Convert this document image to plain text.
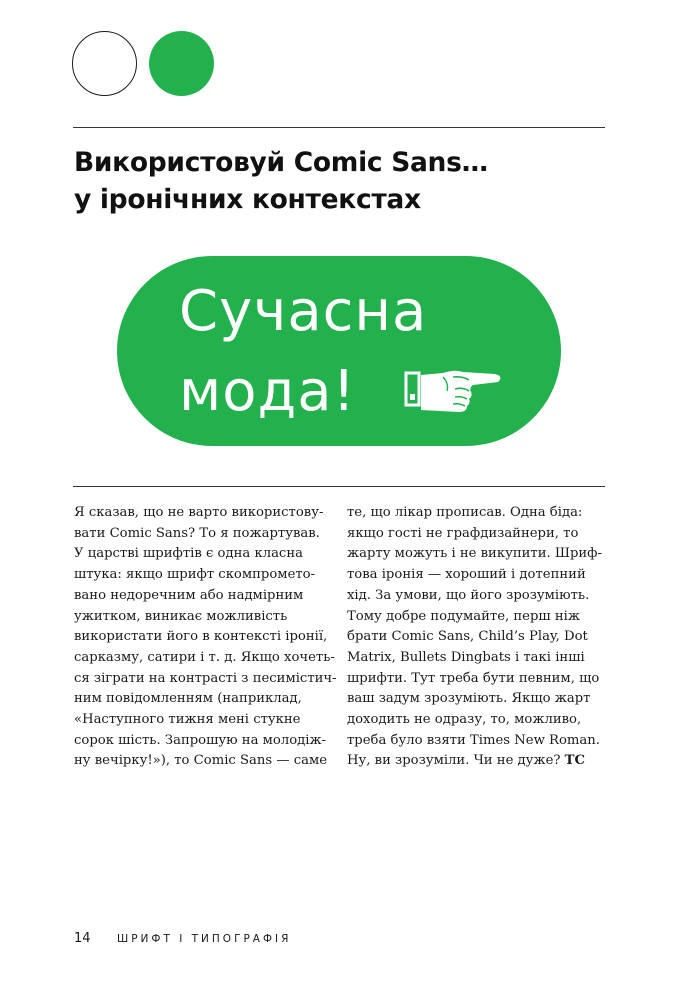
Використовуй Comic Sans…
у іронічних контекстах

Сучасна

мода!

Я сказав, що не варто використову-
вати Comic Sans? То я пожартував.
У царстві шрифтів є одна класна
штука: якщо шрифт скомпромето-
вано недоречним або надмірним
ужитком, виникає можливість
використати його в контексті іронії,
сарказму, сатири і т. д. Якщо хочеть-
ся зіграти на контрасті з песимістич-
ним повідомленням (наприклад,
«Наступного тижня мені стукне
сорок шість. Запрошую на молодіж-
ну вечірку!»), то Comic Sans — саме
те, що лікар прописав. Одна біда:
якщо гості не графдизайнери, то
жарту можуть і не викупити. Шриф-
това іронія — хороший і дотепний
хід. За умови, що його зрозуміють.
Тому добре подумайте, перш ніж
брати Comic Sans, Child’s Play, Dot
Matrix, Bullets Dingbats і такі інші
шрифти. Тут треба бути певним, що
ваш задум зрозуміють. Якщо жарт
доходить не одразу, то, можливо,
треба було взяти Times New Roman.
Ну, ви зрозуміли. Чи не дуже? ТС
14	ШРИФТ І ТИПОГРАФІЯ
